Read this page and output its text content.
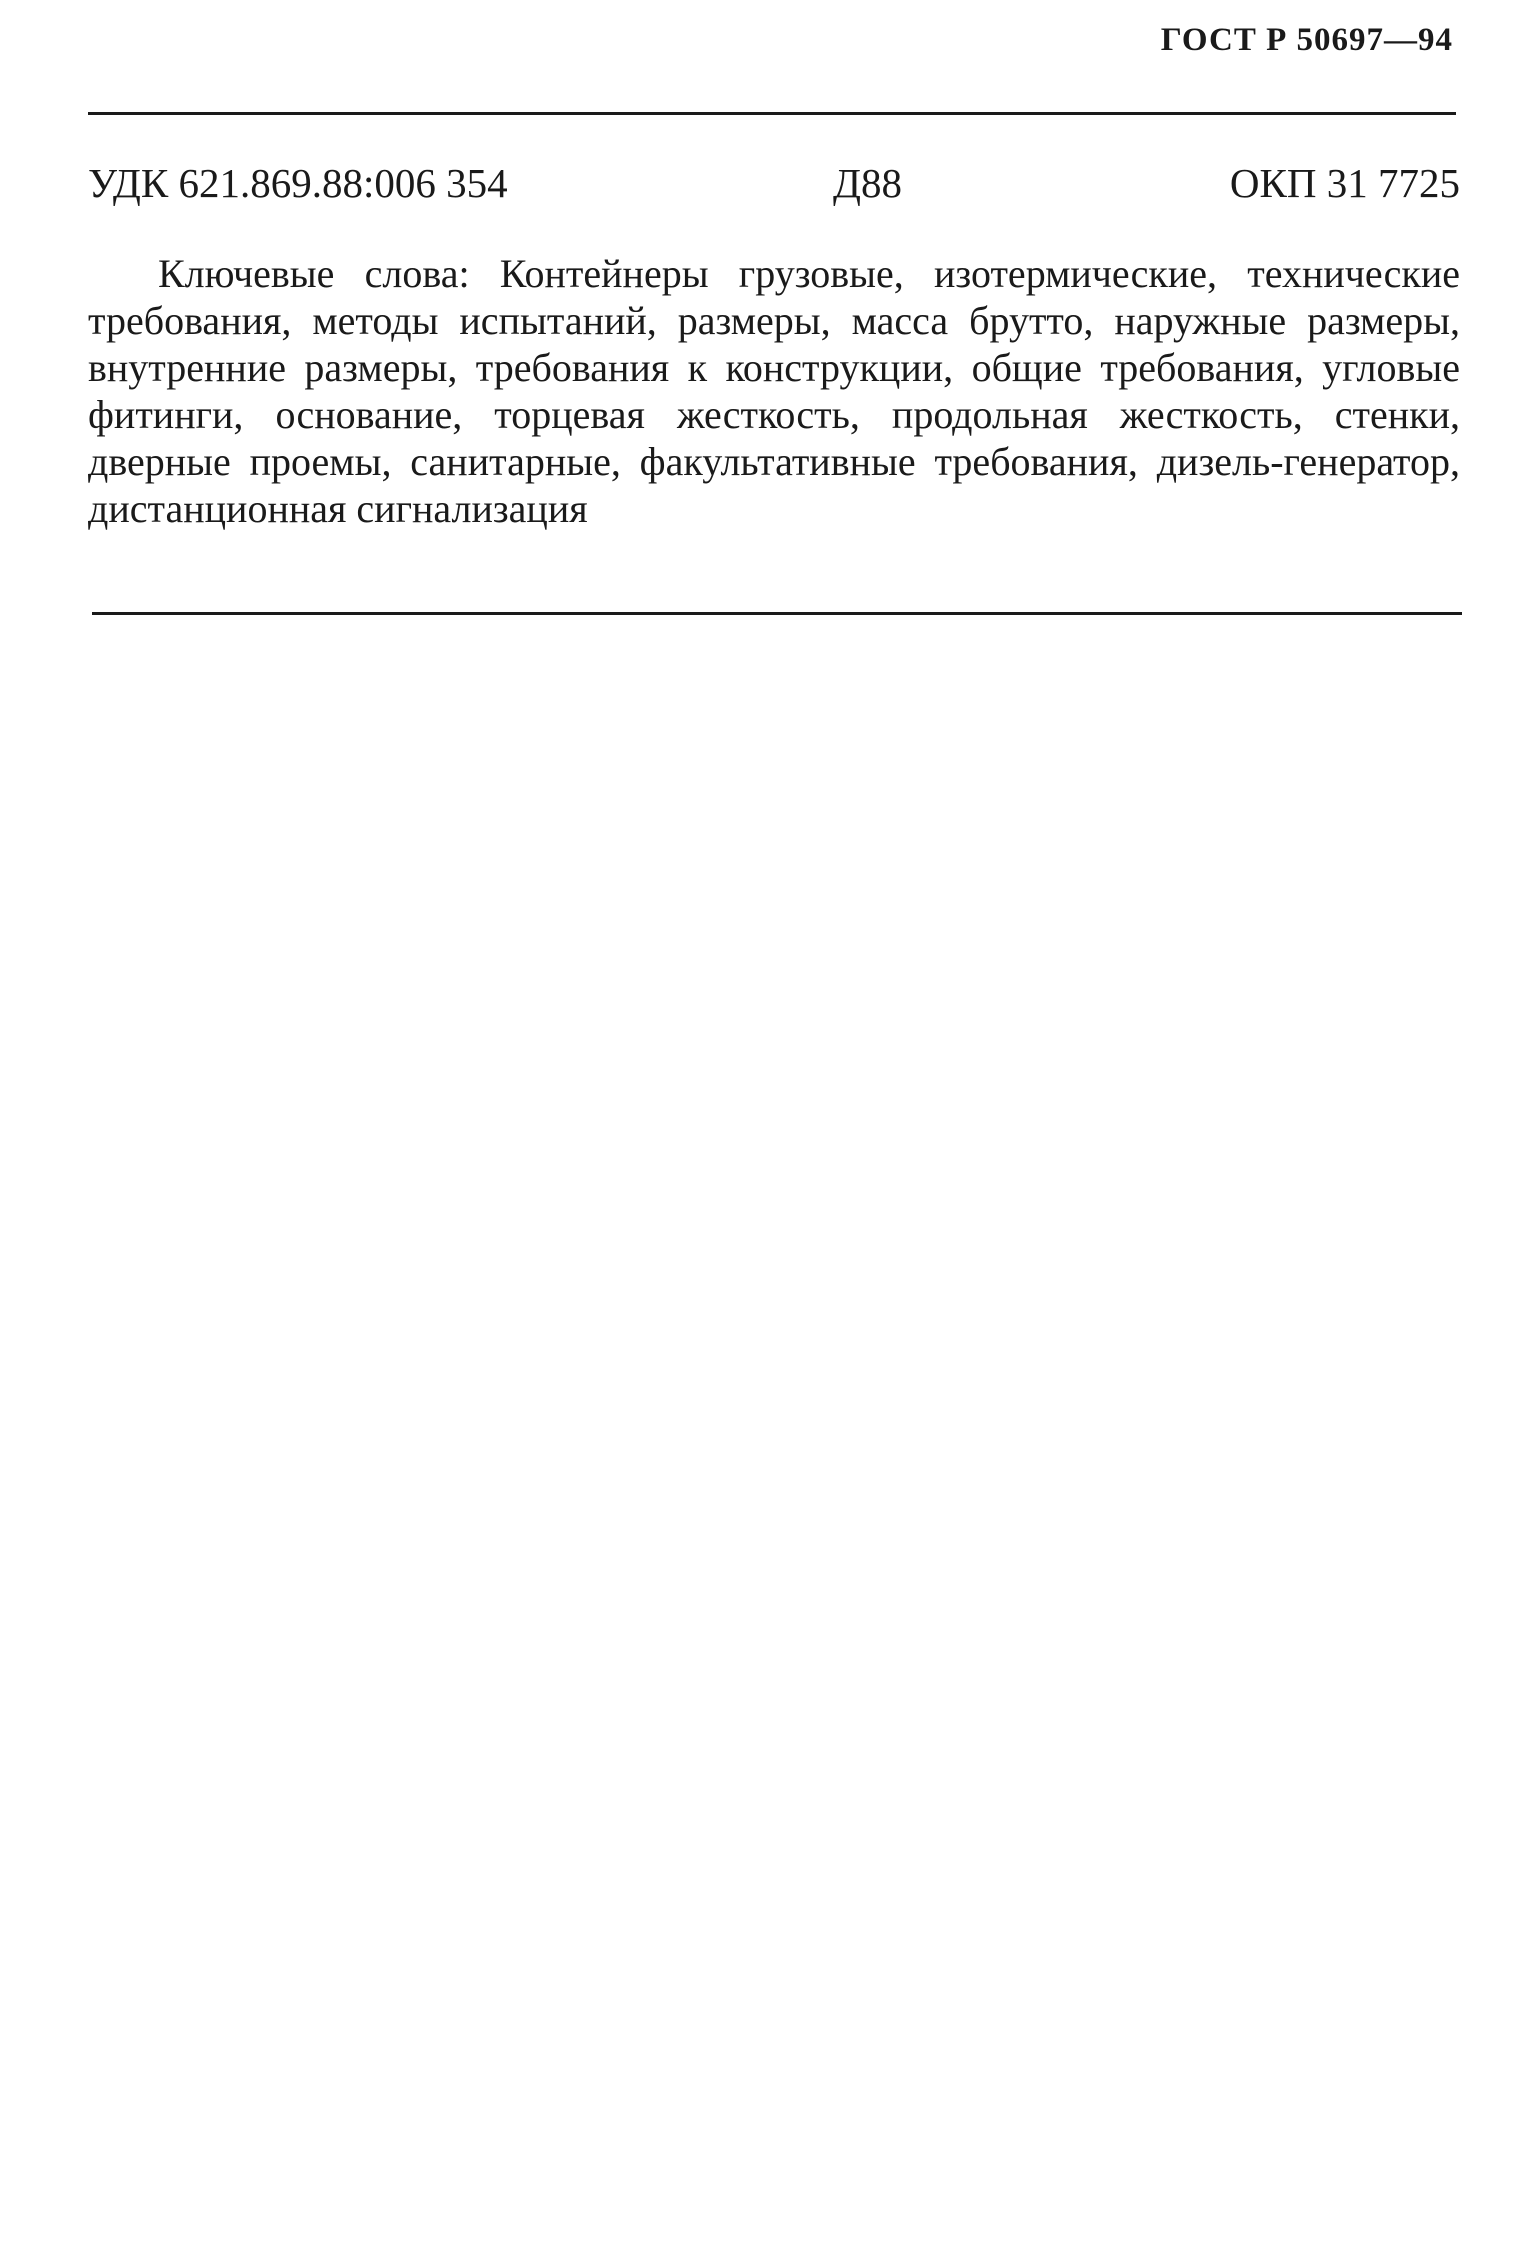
ГОСТ Р 50697—94
УДК 621.869.88:006 354	Д88	ОКП 31 7725

Ключевые слова: Контейнеры грузовые, изотермические, технические требования, методы испытаний, размеры, масса брутто, наружные размеры, внутренние размеры, требования к конструкции, общие требования, угловые фитинги, основание, торцевая жесткость, продольная жесткость, стенки, дверные проемы, санитарные, факультативные требования, дизель-генератор, дистанционная сигнализация
